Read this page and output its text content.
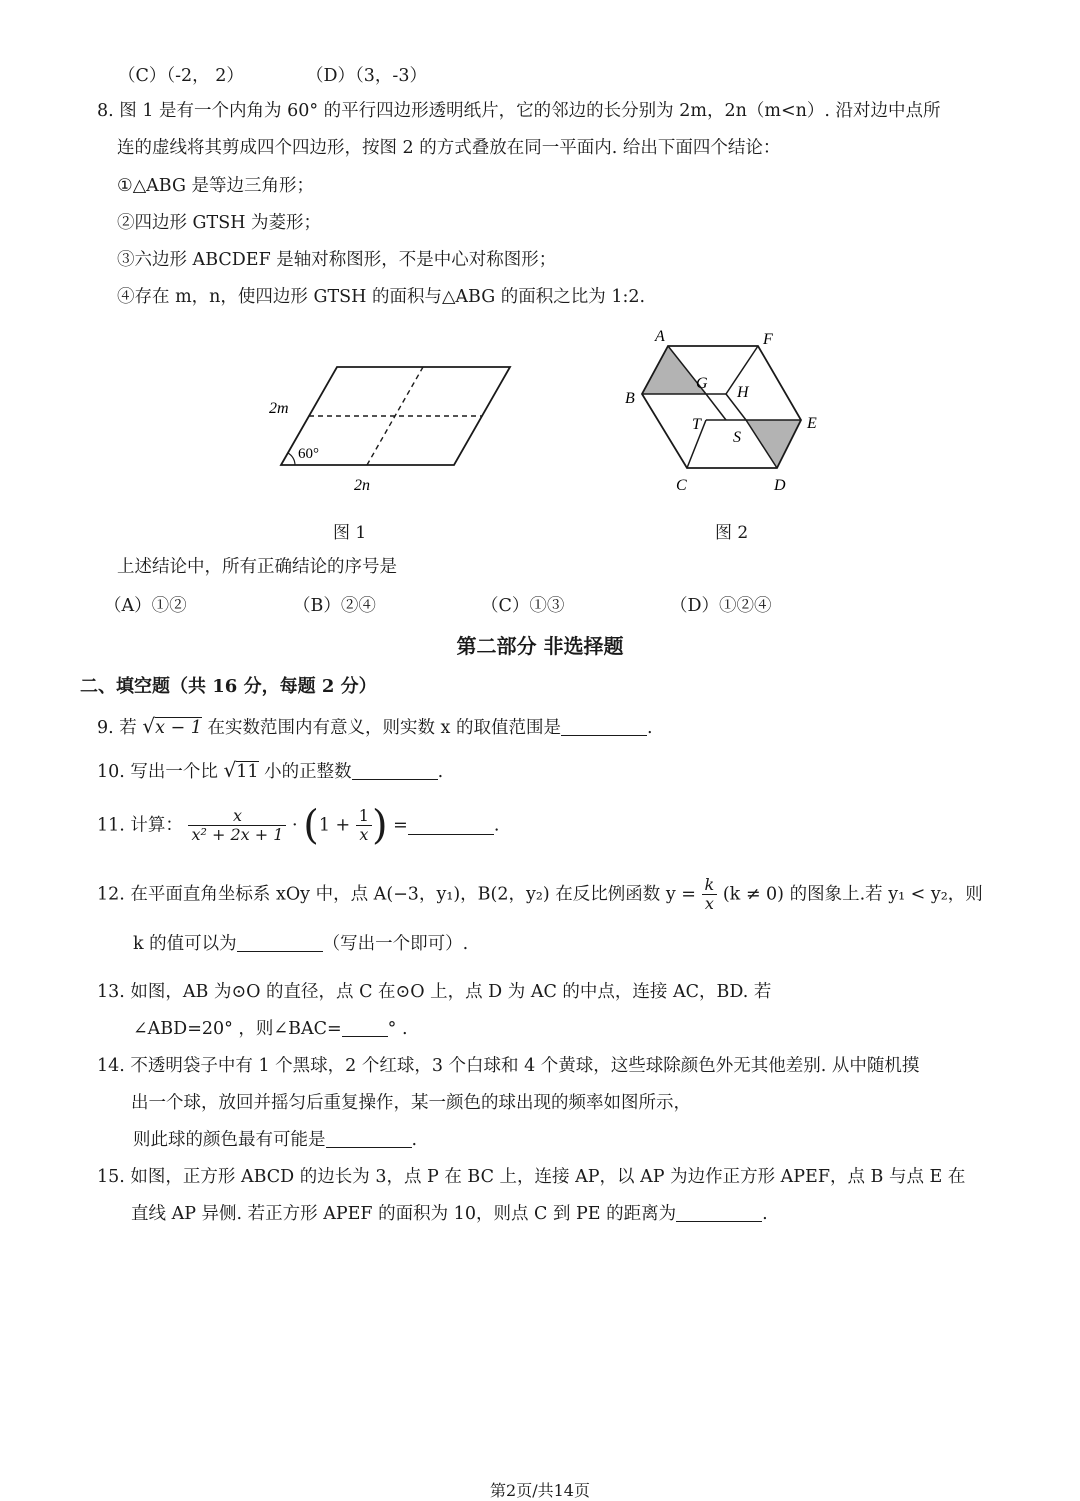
（C）（-2， 2）	（D）（3，-3）
8. 图 1 是有一个内角为 60° 的平行四边形透明纸片，它的邻边的长分别为 2m，2n（m<n）. 沿对边中点所
连的虚线将其剪成四个四边形，按图 2 的方式叠放在同一平面内. 给出下面四个结论：
①△ABG 是等边三角形；
②四边形 GTSH 为菱形；
③六边形 ABCDEF 是轴对称图形，不是中心对称图形；
④存在 m，n，使四边形 GTSH 的面积与△ABG 的面积之比为 1:2.
2m
60°
2n
图 1
A	F
B
G
H
T
S
E
C	D
图 2
上述结论中，所有正确结论的序号是
（A）①②	（B）②④	（C）①③	（D）①②④
第二部分 非选择题
二、填空题（共 16 分，每题 2 分）
9. 若 √x − 1 在实数范围内有意义，则实数 x 的取值范围是	.
10. 写出一个比 √11 小的正整数	.
11. 计算： $\frac{x}{\text{x² + 2x + 1}} \cdot (1 + \frac{1}{x}$ ) =	.
12. 在平面直角坐标系 xOy 中，点 A(−3，y₁)，B(2，y₂) 在反比例函数 $y = \frac{k}{x} (k \ne 0)$ 的图象上.若 y₁ < y₂，则
k 的值可以为	（写出一个即可）.
13. 如图，AB 为⊙O 的直径，点 C 在⊙O 上，点 D 为 AC 的中点，连接 AC，BD. 若
∠ABD=20° ，则∠BAC=	° .
14. 不透明袋子中有 1 个黑球，2 个红球，3 个白球和 4 个黄球，这些球除颜色外无其他差别. 从中随机摸
出一个球，放回并摇匀后重复操作，某一颜色的球出现的频率如图所示，
则此球的颜色最有可能是	.
15. 如图，正方形 ABCD 的边长为 3，点 P 在 BC 上，连接 AP，以 AP 为边作正方形 APEF，点 B 与点 E 在
直线 AP 异侧. 若正方形 APEF 的面积为 10，则点 C 到 PE 的距离为	.
第2页/共14页
